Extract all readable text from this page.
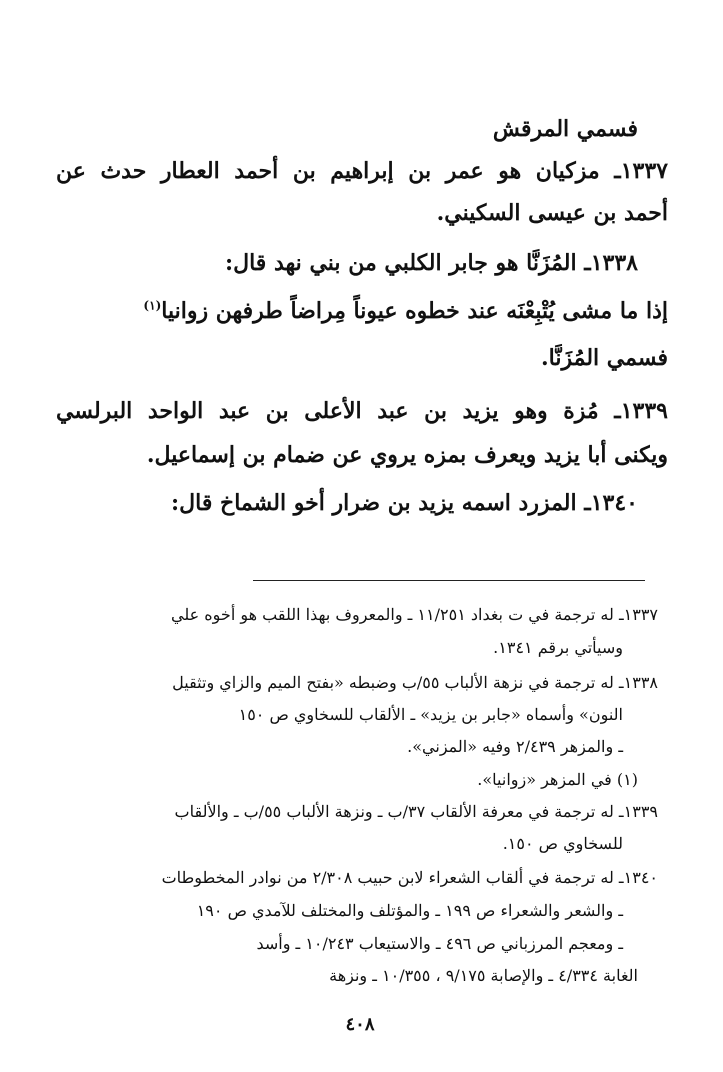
فسمي المرقش
١٣٣٧ـ مزكيان هو عمر بن إبراهيم بن أحمد العطار حدث عن
أحمد بن عيسى السكيني.
١٣٣٨ـ المُزَنَّا هو جابر الكلبي من بني نهد قال:
إذا ما مشى يُتْبِعْنَه عند خطوه عيوناً مِراضاً طرفهن زوانيا$^{(١)}$
فسمي المُزَنَّا.
١٣٣٩ـ مُزة وهو يزيد بن عبد الأعلى بن عبد الواحد البرلسي
ويكنى أبا يزيد ويعرف بمزه يروي عن ضمام بن إسماعيل.
١٣٤٠ـ المزرد اسمه يزيد بن ضرار أخو الشماخ قال:
١٣٣٧ـ له ترجمة في ت بغداد ١١/٢٥١ ـ والمعروف بهذا اللقب هو أخوه علي
وسيأتي برقم ١٣٤١.
١٣٣٨ـ له ترجمة في نزهة الألباب ٥٥/ب وضبطه «بفتح الميم والزاي وتثقيل
النون» وأسماه «جابر بن يزيد» ـ الألقاب للسخاوي ص ١٥٠
ـ والمزهر ٢/٤٣٩ وفيه «المزني».
(١) في المزهر «زوانيا».
١٣٣٩ـ له ترجمة في معرفة الألقاب ٣٧/ب ـ ونزهة الألباب ٥٥/ب ـ والألقاب
للسخاوي ص ١٥٠.
١٣٤٠ـ له ترجمة في ألقاب الشعراء لابن حبيب ٢/٣٠٨ من نوادر المخطوطات
ـ والشعر والشعراء ص ١٩٩ ـ والمؤتلف والمختلف للآمدي ص ١٩٠
ـ ومعجم المرزباني ص ٤٩٦ ـ والاستيعاب ١٠/٢٤٣ ـ وأسد
الغابة ٤/٣٣٤ ـ والإصابة ٩/١٧٥ ، ١٠/٣٥٥ ـ ونزهة
٤٠٨
